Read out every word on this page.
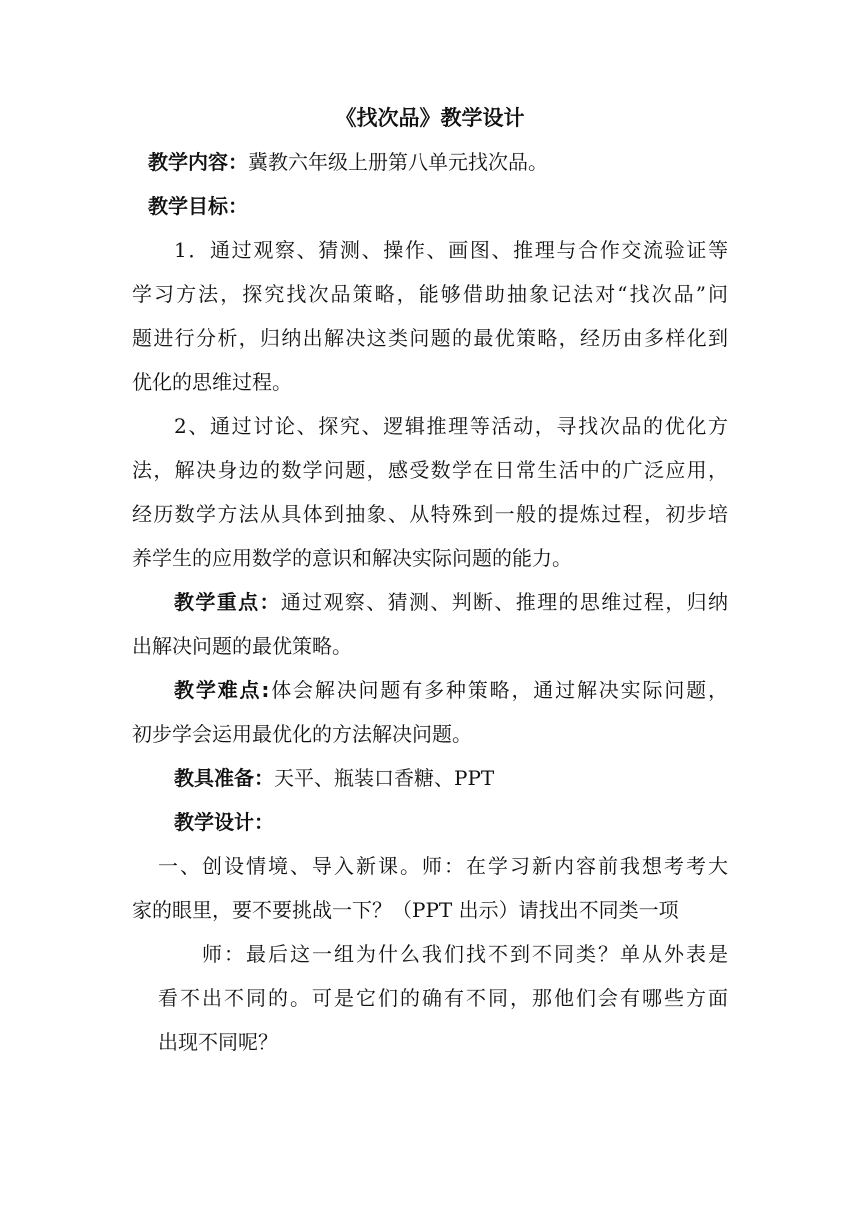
《找次品》教学设计
教学内容：冀教六年级上册第八单元找次品。
教学目标：
1．通过观察、猜测、操作、画图、推理与合作交流验证等
学习方法，探究找次品策略，能够借助抽象记法对“找次品”问
题进行分析，归纳出解决这类问题的最优策略，经历由多样化到
优化的思维过程。
2、通过讨论、探究、逻辑推理等活动，寻找次品的优化方
法，解决身边的数学问题，感受数学在日常生活中的广泛应用，
经历数学方法从具体到抽象、从特殊到一般的提炼过程，初步培
养学生的应用数学的意识和解决实际问题的能力。
教学重点：通过观察、猜测、判断、推理的思维过程，归纳
出解决问题的最优策略。
教学难点:体会解决问题有多种策略，通过解决实际问题，
初步学会运用最优化的方法解决问题。
教具准备：天平、瓶装口香糖、PPT
教学设计：
一、创设情境、导入新课。师：在学习新内容前我想考考大
家的眼里，要不要挑战一下？（PPT 出示）请找出不同类一项
师：最后这一组为什么我们找不到不同类？单从外表是
看不出不同的。可是它们的确有不同，那他们会有哪些方面
出现不同呢？
